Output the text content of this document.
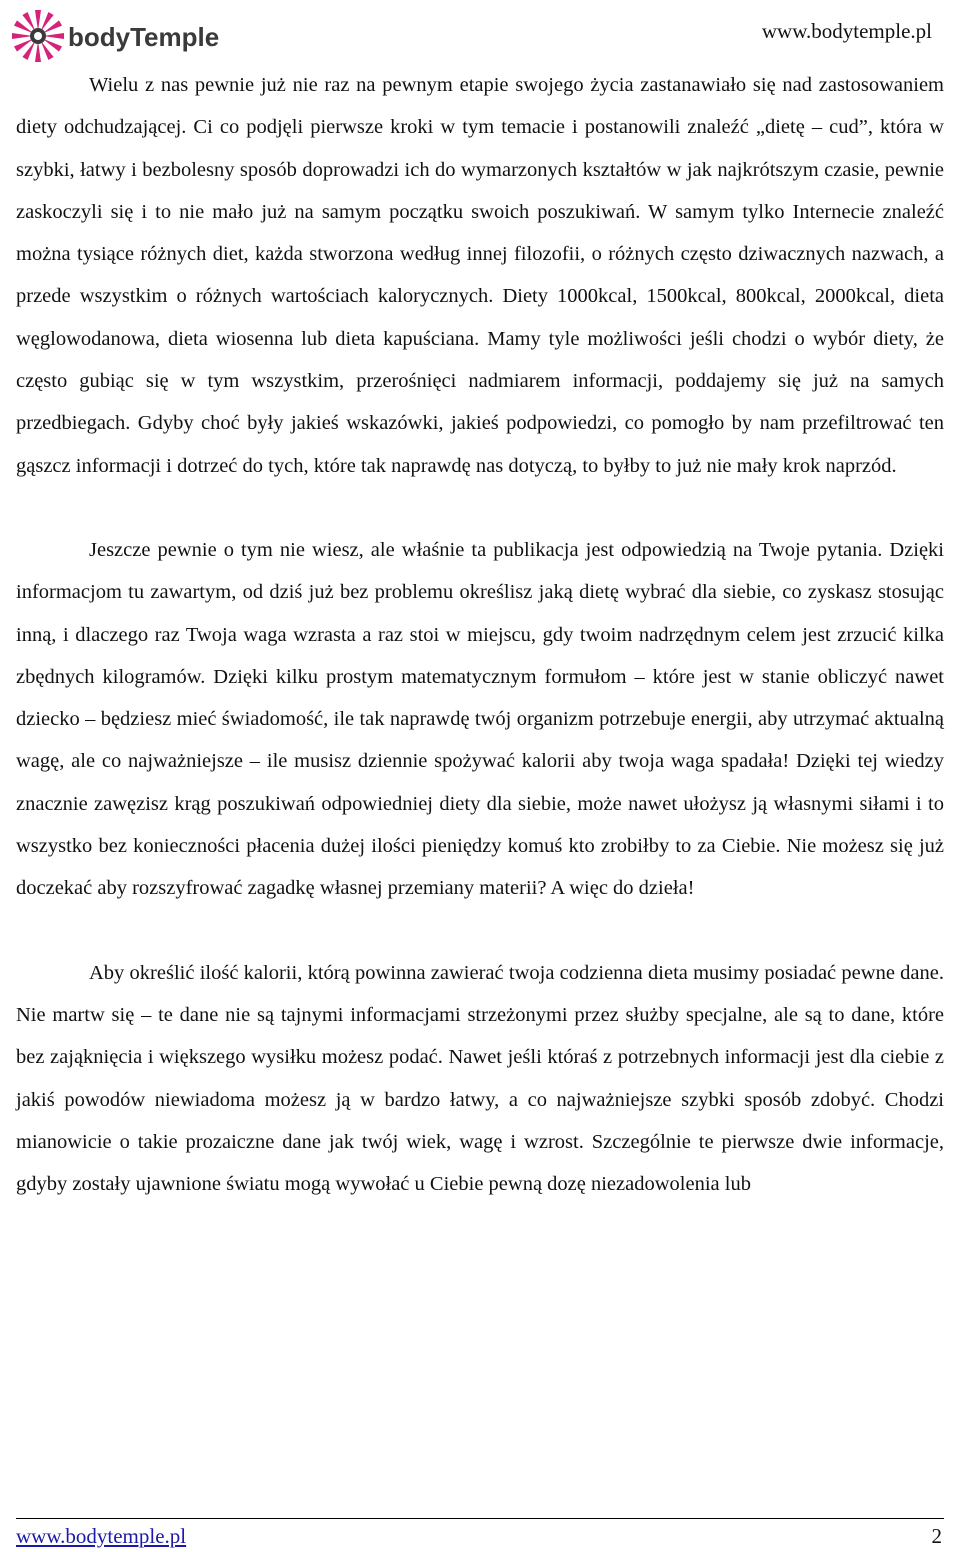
bodyTemple	www.bodytemple.pl

Wielu z nas pewnie już nie raz na pewnym etapie swojego życia zastanawiało się nad zastosowaniem diety odchudzającej. Ci co podjęli pierwsze kroki w tym temacie i postanowili znaleźć „dietę – cud”, która w szybki, łatwy i bezbolesny sposób doprowadzi ich do wymarzonych kształtów w jak najkrótszym czasie, pewnie zaskoczyli się i to nie mało już na samym początku swoich poszukiwań. W samym tylko Internecie znaleźć można tysiące różnych diet, każda stworzona według innej filozofii, o różnych często dziwacznych nazwach, a przede wszystkim o różnych wartościach kalorycznych. Diety 1000kcal, 1500kcal, 800kcal, 2000kcal, dieta węglowodanowa, dieta wiosenna lub dieta kapuściana. Mamy tyle możliwości jeśli chodzi o wybór diety, że często gubiąc się w tym wszystkim, przerośnięci nadmiarem informacji, poddajemy się już na samych przedbiegach. Gdyby choć były jakieś wskazówki, jakieś podpowiedzi, co pomogło by nam przefiltrować ten gąszcz informacji i dotrzeć do tych, które tak naprawdę nas dotyczą, to byłby to już nie mały krok naprzód.

Jeszcze pewnie o tym nie wiesz, ale właśnie ta publikacja jest odpowiedzią na Twoje pytania. Dzięki informacjom tu zawartym, od dziś już bez problemu określisz jaką dietę wybrać dla siebie, co zyskasz stosując inną, i dlaczego raz Twoja waga wzrasta a raz stoi w miejscu, gdy twoim nadrzędnym celem jest zrzucić kilka zbędnych kilogramów. Dzięki kilku prostym matematycznym formułom – które jest w stanie obliczyć nawet dziecko – będziesz mieć świadomość, ile tak naprawdę twój organizm potrzebuje energii, aby utrzymać aktualną wagę, ale co najważniejsze – ile musisz dziennie spożywać kalorii aby twoja waga spadała! Dzięki tej wiedzy znacznie zawęzisz krąg poszukiwań odpowiedniej diety dla siebie, może nawet ułożysz ją własnymi siłami i to wszystko bez konieczności płacenia dużej ilości pieniędzy komuś kto zrobiłby to za Ciebie. Nie możesz się już doczekać aby rozszyfrować zagadkę własnej przemiany materii? A więc do dzieła!

Aby określić ilość kalorii, którą powinna zawierać twoja codzienna dieta musimy posiadać pewne dane. Nie martw się – te dane nie są tajnymi informacjami strzeżonymi przez służby specjalne, ale są to dane, które bez zająknięcia i większego wysiłku możesz podać. Nawet jeśli któraś z potrzebnych informacji jest dla ciebie z jakiś powodów niewiadoma możesz ją w bardzo łatwy, a co najważniejsze szybki sposób zdobyć. Chodzi mianowicie o takie prozaiczne dane jak twój wiek, wagę i wzrost. Szczególnie te pierwsze dwie informacje, gdyby zostały ujawnione światu mogą wywołać u Ciebie pewną dozę niezadowolenia lub

www.bodytemple.pl	2
